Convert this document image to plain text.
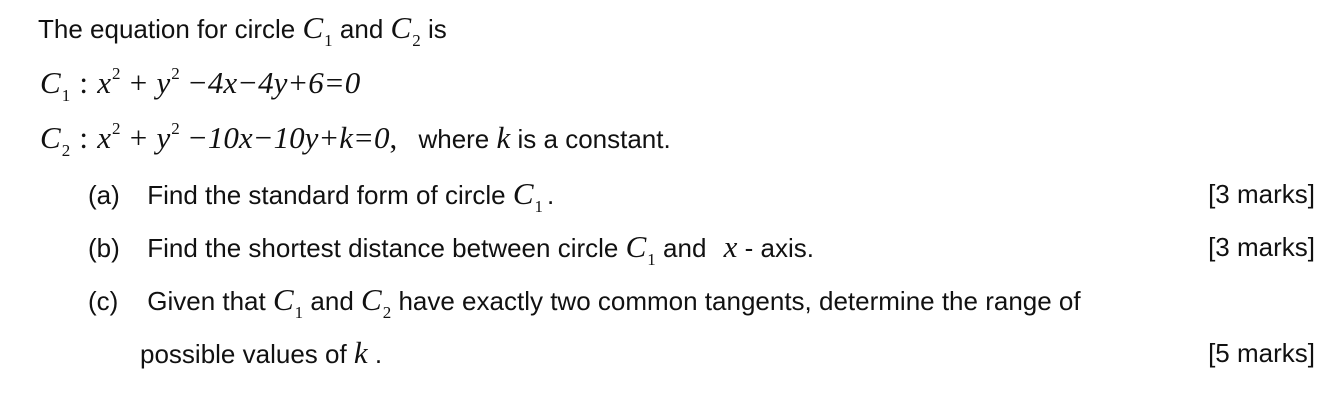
The equation for circle $C_1$ and $C_2$ is
$C_1$ : $x^2 + y^2 -4x-4y+6=0$
$C_2$ : $x^2 + y^2 -10x-10y+k=0$, where k is a constant.
(a) Find the standard form of circle $C_1$ .	[3 marks]
(b) Find the shortest distance between circle $C_1$ and x - axis.	[3 marks]
(c) Given that $C_1$ and $C_2$ have exactly two common tangents, determine the range of
possible values of k .	[5 marks]
